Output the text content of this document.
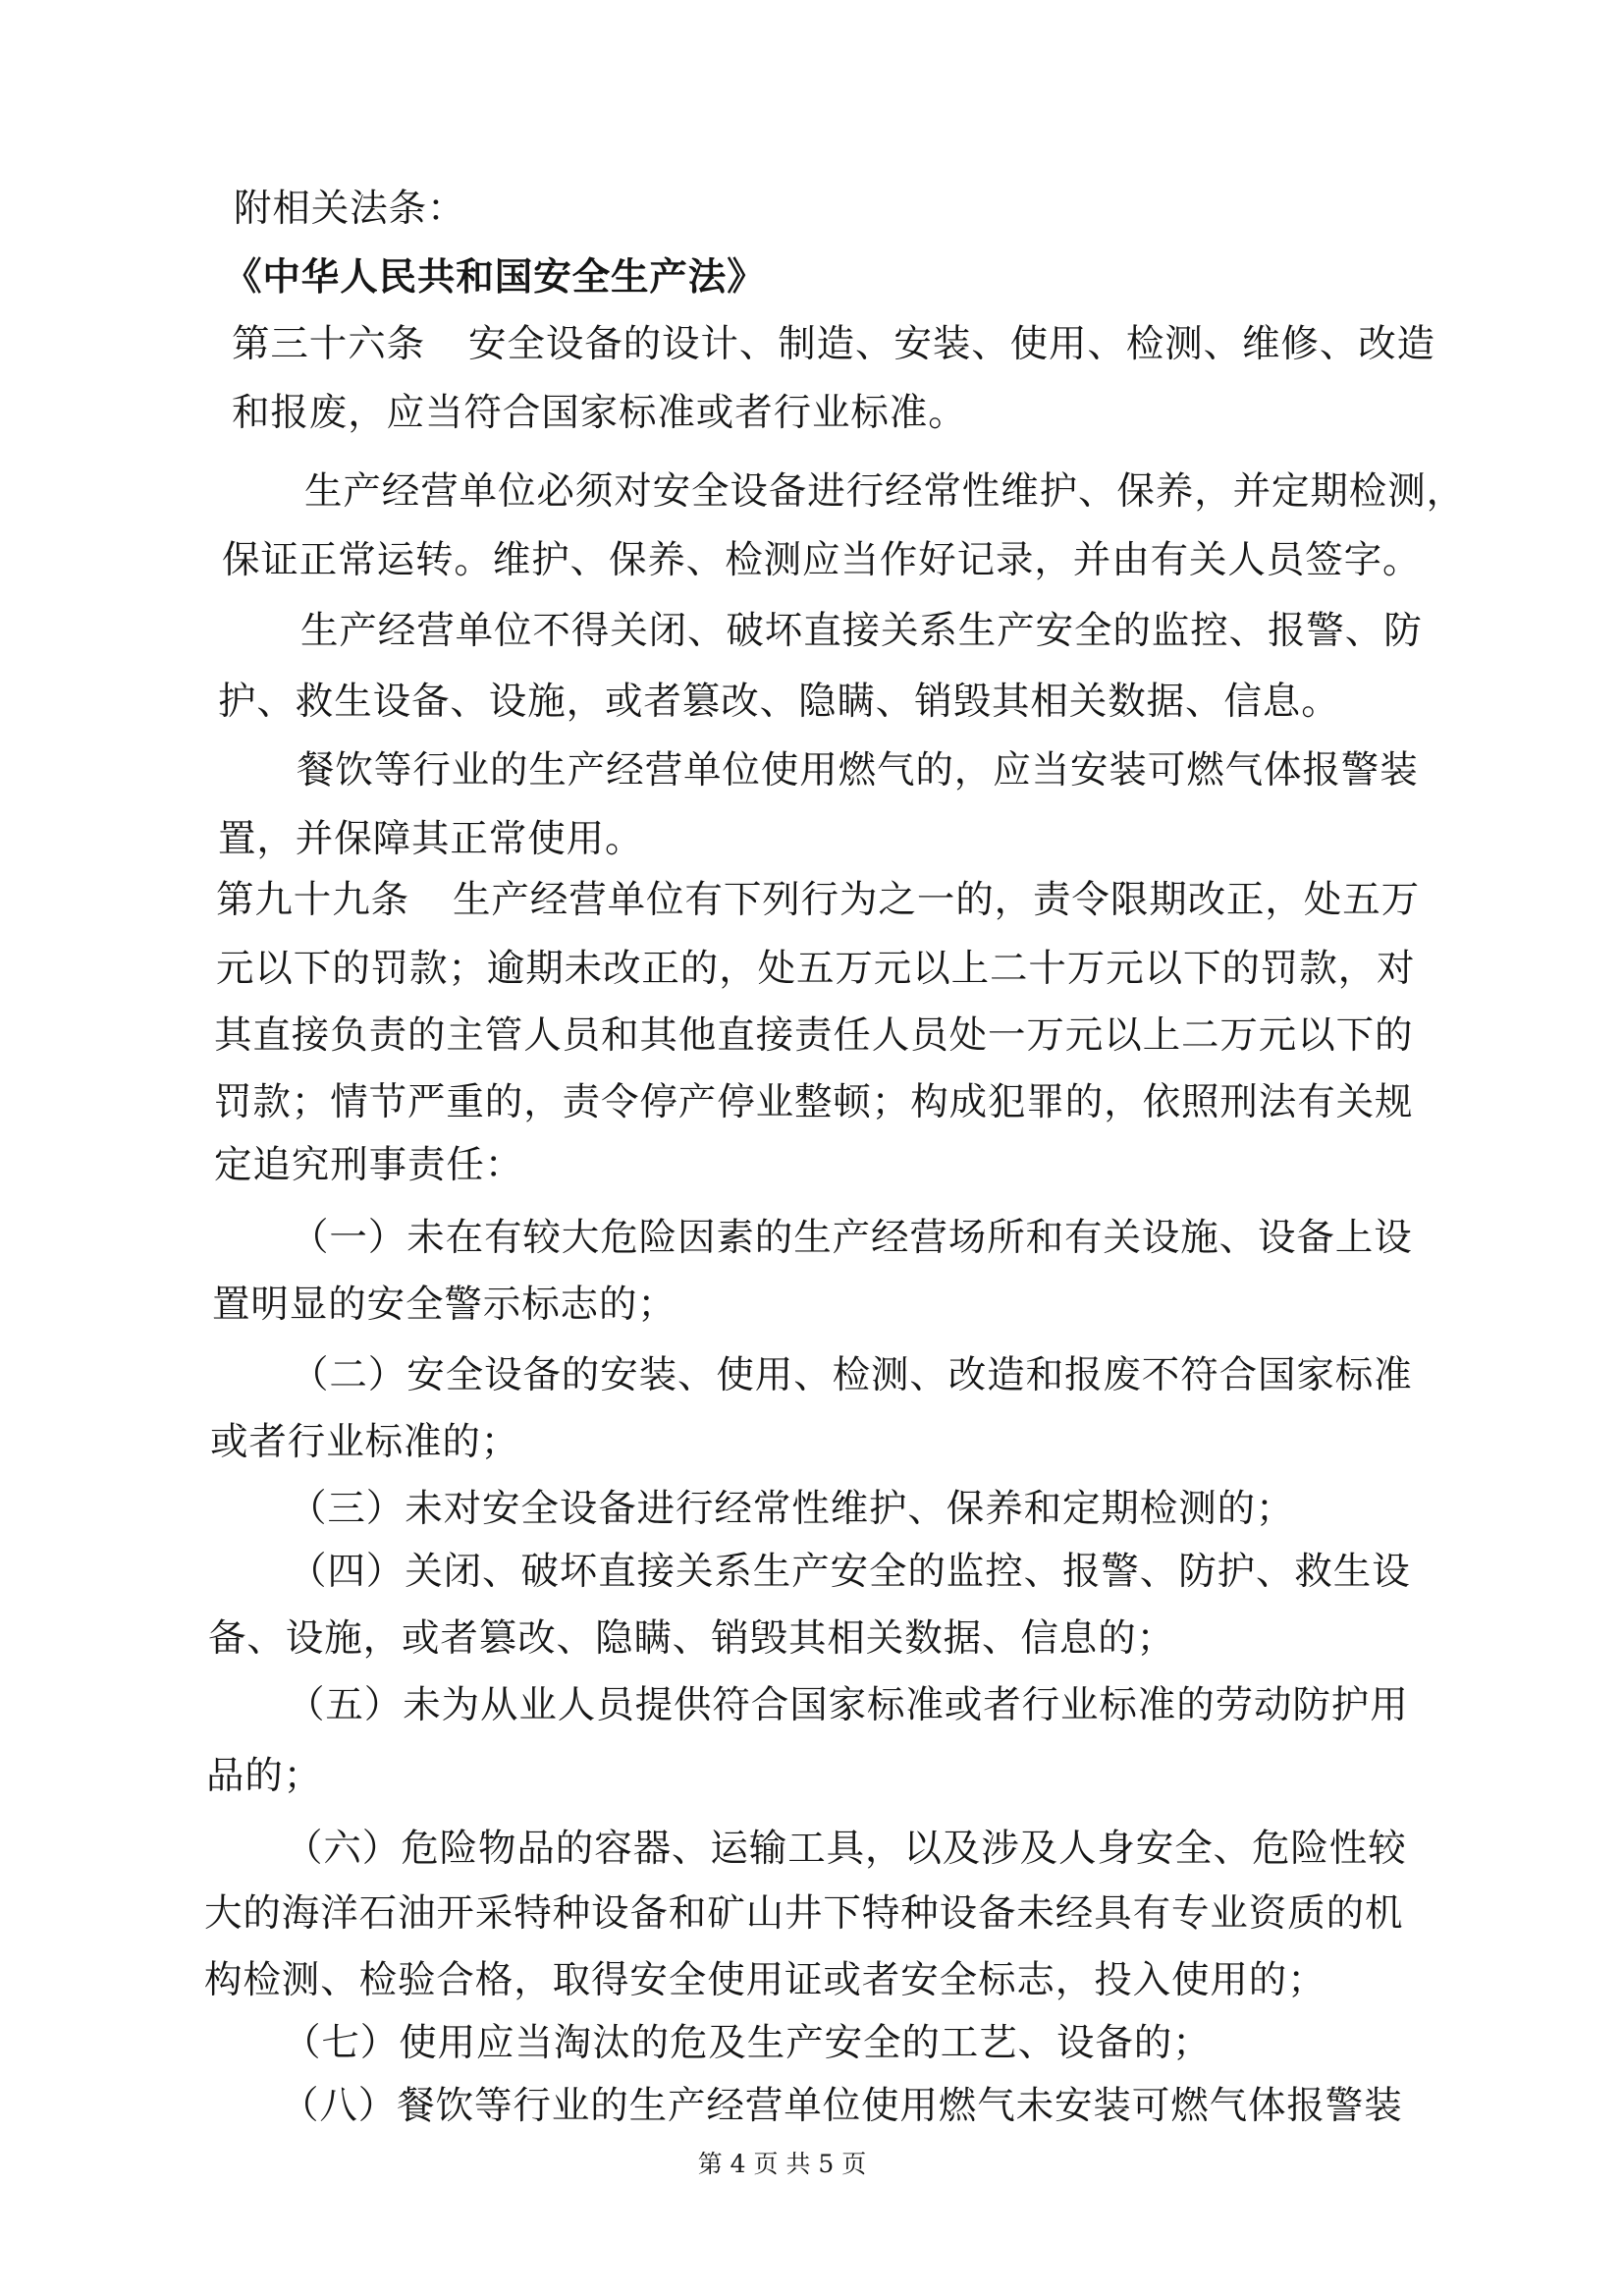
附相关法条：

《中华人民共和国安全生产法》

第三十六条 安全设备的设计、制造、安装、使用、检测、维修、改造

和报废，应当符合国家标准或者行业标准。

生产经营单位必须对安全设备进行经常性维护、保养，并定期检测，

保证正常运转。维护、保养、检测应当作好记录，并由有关人员签字。

生产经营单位不得关闭、破坏直接关系生产安全的监控、报警、防

护、救生设备、设施，或者篡改、隐瞒、销毁其相关数据、信息。

餐饮等行业的生产经营单位使用燃气的，应当安装可燃气体报警装

置，并保障其正常使用。

第九十九条 生产经营单位有下列行为之一的，责令限期改正，处五万

元以下的罚款；逾期未改正的，处五万元以上二十万元以下的罚款，对

其直接负责的主管人员和其他直接责任人员处一万元以上二万元以下的

罚款；情节严重的，责令停产停业整顿；构成犯罪的，依照刑法有关规

定追究刑事责任：

（一）未在有较大危险因素的生产经营场所和有关设施、设备上设

置明显的安全警示标志的；

（二）安全设备的安装、使用、检测、改造和报废不符合国家标准

或者行业标准的；

（三）未对安全设备进行经常性维护、保养和定期检测的；

（四）关闭、破坏直接关系生产安全的监控、报警、防护、救生设

备、设施，或者篡改、隐瞒、销毁其相关数据、信息的；

（五）未为从业人员提供符合国家标准或者行业标准的劳动防护用

品的；

（六）危险物品的容器、运输工具，以及涉及人身安全、危险性较

大的海洋石油开采特种设备和矿山井下特种设备未经具有专业资质的机

构检测、检验合格，取得安全使用证或者安全标志，投入使用的；

（七）使用应当淘汰的危及生产安全的工艺、设备的；

（八）餐饮等行业的生产经营单位使用燃气未安装可燃气体报警装

第 4 页 共 5 页
